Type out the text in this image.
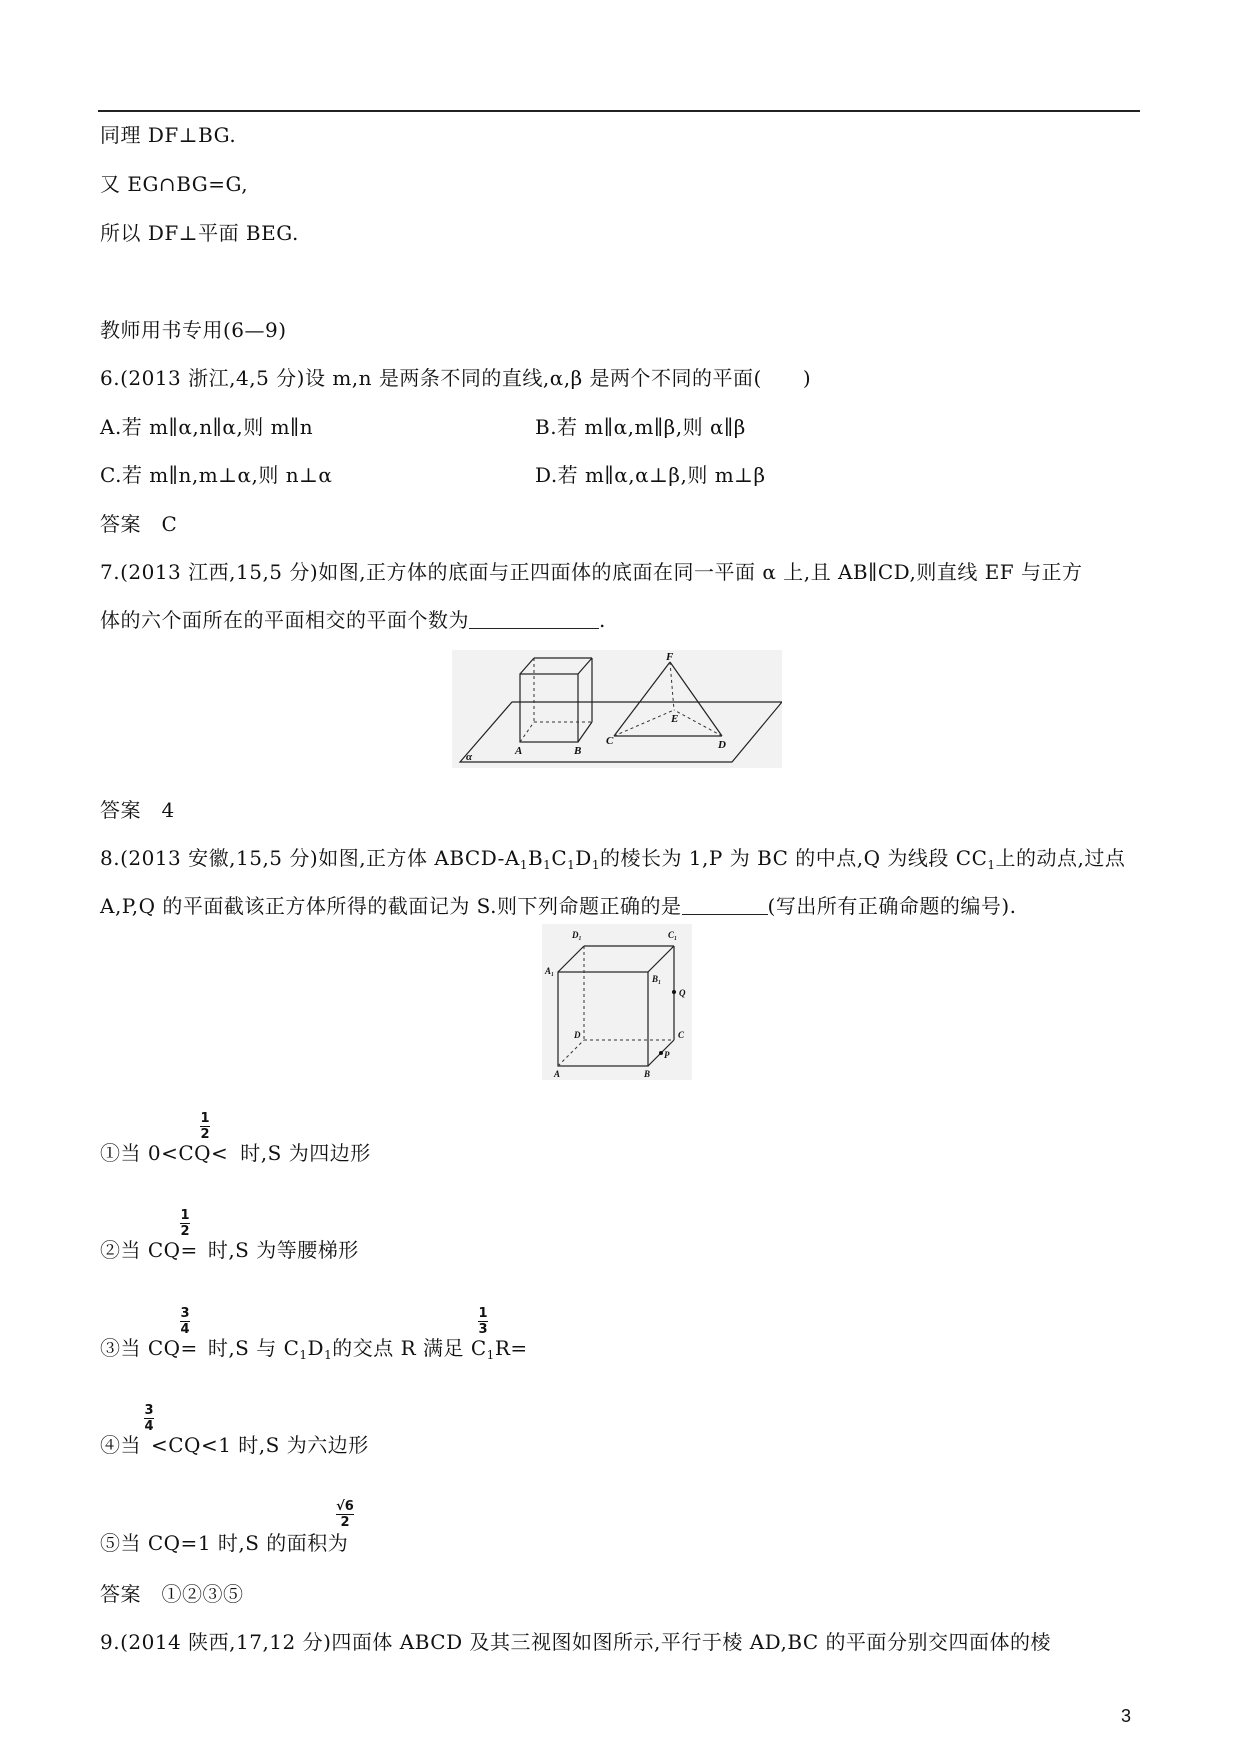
同理 DF⊥BG.
又 EG∩BG=G,
所以 DF⊥平面 BEG.
教师用书专用(6—9)
6.(2013 浙江,4,5 分)设 m,n 是两条不同的直线,α,β 是两个不同的平面(　　)
A.若 m∥α,n∥α,则 m∥n	B.若 m∥α,m∥β,则 α∥β
C.若 m∥n,m⊥α,则 n⊥α	D.若 m∥α,α⊥β,则 m⊥β
答案　C
7.(2013 江西,15,5 分)如图,正方体的底面与正四面体的底面在同一平面 α 上,且 AB∥CD,则直线 EF 与正方
体的六个面所在的平面相交的平面个数为	.
F
E
C	D
A	B
α
答案　4
8.(2013 安徽,15,5 分)如图,正方体 ABCD-$A_1B_1C_1D_1$的棱长为 1,P 为 BC 的中点,Q 为线段 $CC_1$上的动点,过点
A,P,Q 的平面截该正方体所得的截面记为 S.则下列命题正确的是	(写出所有正确命题的编号).
D₁	C₁
A₁
B₁
Q
D	C
P
A	B
①当 0<CQ< 时,S 为四边形
1
2
②当 CQ= 时,S 为等腰梯形
1
2
③当 CQ= 时,S 与 $C_1D_1$的交点 R 满足 $C_1R=$
3
4
1
3
④当 <CQ<1 时,S 为六边形
3
4
⑤当 CQ=1 时,S 的面积为
√6
2
答案　①②③⑤
9.(2014 陕西,17,12 分)四面体 ABCD 及其三视图如图所示,平行于棱 AD,BC 的平面分别交四面体的棱
3
